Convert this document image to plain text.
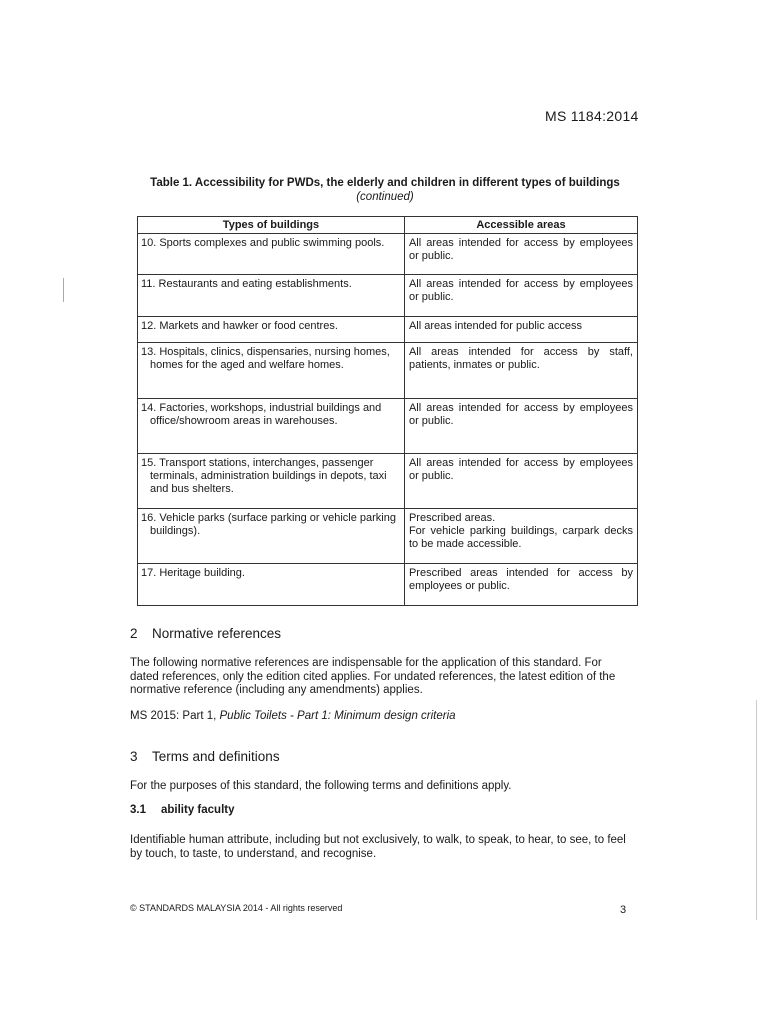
MS 1184:2014
Table 1. Accessibility for PWDs, the elderly and children in different types of buildings
(continued)
Types of buildings	Accessible areas
10. Sports complexes and public swimming pools.	All areas intended for access by employees or public.
11. Restaurants and eating establishments.	All areas intended for access by employees or public.
12. Markets and hawker or food centres.	All areas intended for public access
13. Hospitals, clinics, dispensaries, nursing homes, homes for the aged and welfare homes.	All areas intended for access by staff, patients, inmates or public.
14. Factories, workshops, industrial buildings and office/showroom areas in warehouses.	All areas intended for access by employees or public.
15. Transport stations, interchanges, passenger terminals, administration buildings in depots, taxi and bus shelters.	All areas intended for access by employees or public.
16. Vehicle parks (surface parking or vehicle parking buildings).	Prescribed areas.
For vehicle parking buildings, carpark decks to be made accessible.

17. Heritage building.	Prescribed areas intended for access by employees or public.
2 Normative references
The following normative references are indispensable for the application of this standard. For dated references, only the edition cited applies. For undated references, the latest edition of the normative reference (including any amendments) applies.
MS 2015: Part 1, Public Toilets - Part 1: Minimum design criteria
3 Terms and definitions
For the purposes of this standard, the following terms and definitions apply.
3.1 ability faculty
Identifiable human attribute, including but not exclusively, to walk, to speak, to hear, to see, to feel by touch, to taste, to understand, and recognise.
© STANDARDS MALAYSIA 2014 - All rights reserved	3
